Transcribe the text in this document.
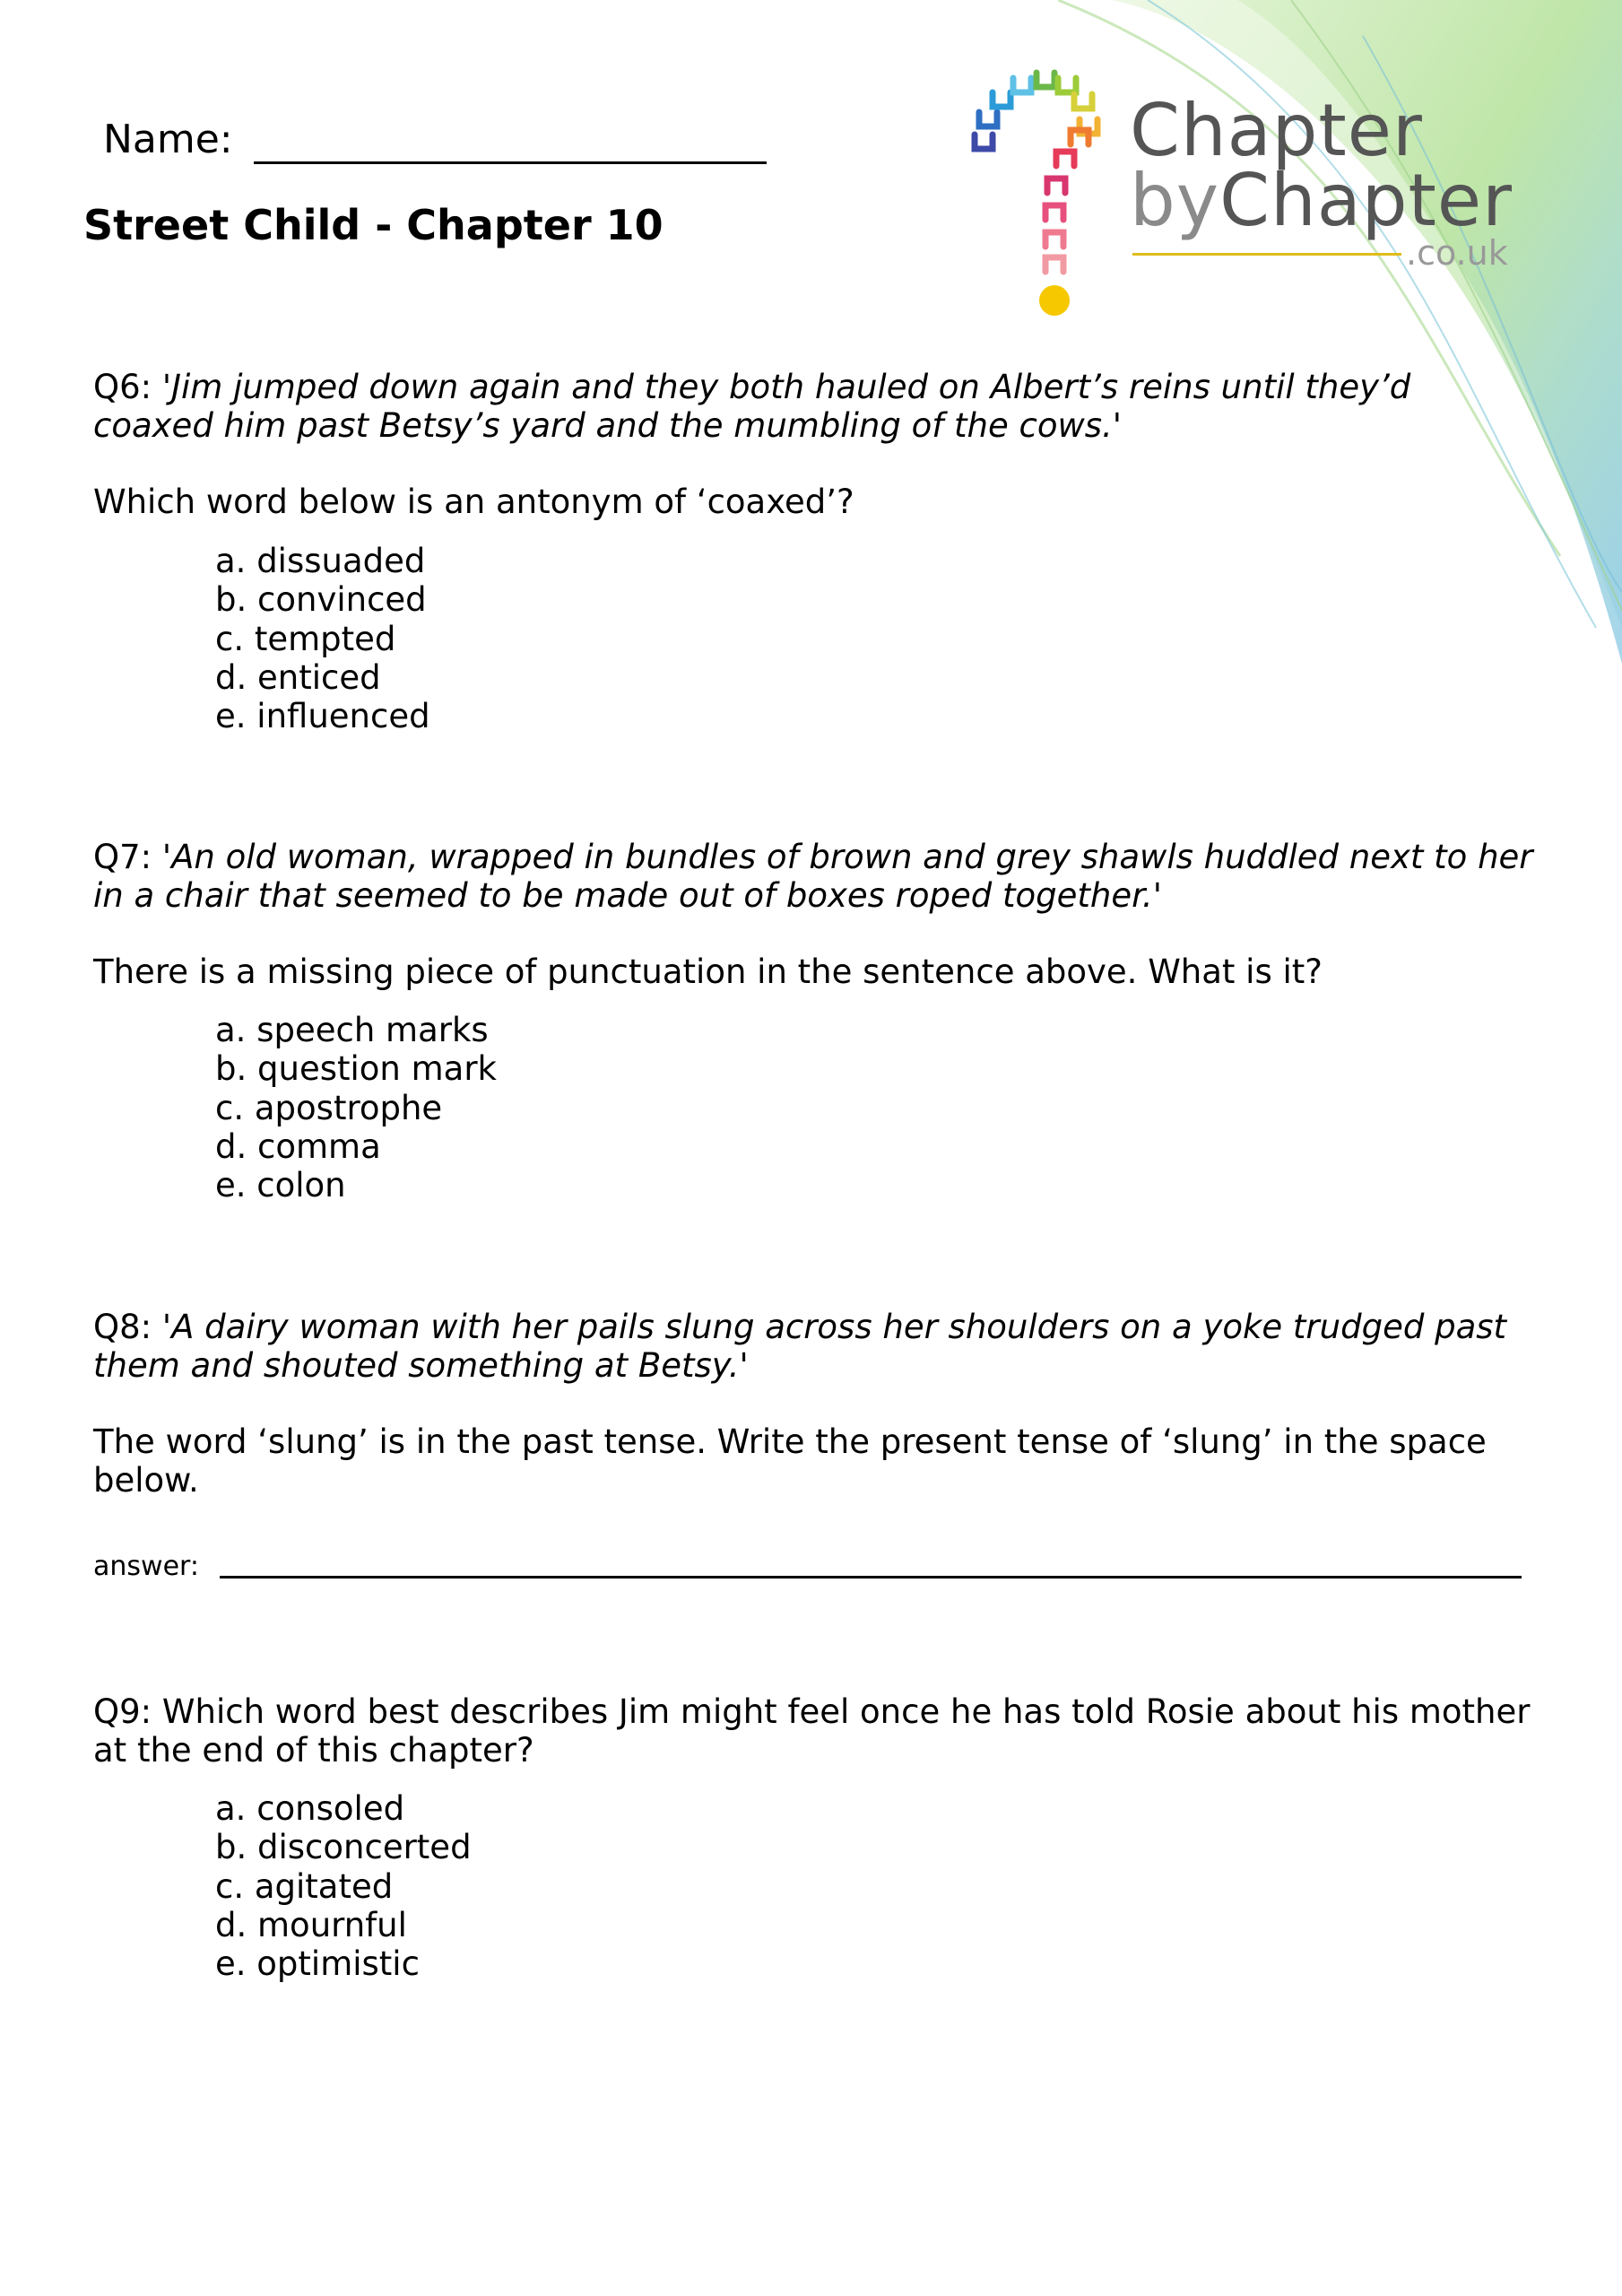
Name:
Street Child - Chapter 10
Chapter
byChapter
.co.uk
Q6: 'Jim jumped down again and they both hauled on Albert’s reins until they’d coaxed him past Betsy’s yard and the mumbling of the cows.'
Which word below is an antonym of ‘coaxed’?
a. dissuaded
b. convinced
c. tempted
d. enticed
e. influenced
Q7: 'An old woman, wrapped in bundles of brown and grey shawls huddled next to her in a chair that seemed to be made out of boxes roped together.'
There is a missing piece of punctuation in the sentence above. What is it?
a. speech marks
b. question mark
c. apostrophe
d. comma
e. colon
Q8: 'A dairy woman with her pails slung across her shoulders on a yoke trudged past them and shouted something at Betsy.'
The word ‘slung’ is in the past tense. Write the present tense of ‘slung’ in the space below.
answer:
Q9: Which word best describes Jim might feel once he has told Rosie about his mother at the end of this chapter?
a. consoled
b. disconcerted
c. agitated
d. mournful
e. optimistic
